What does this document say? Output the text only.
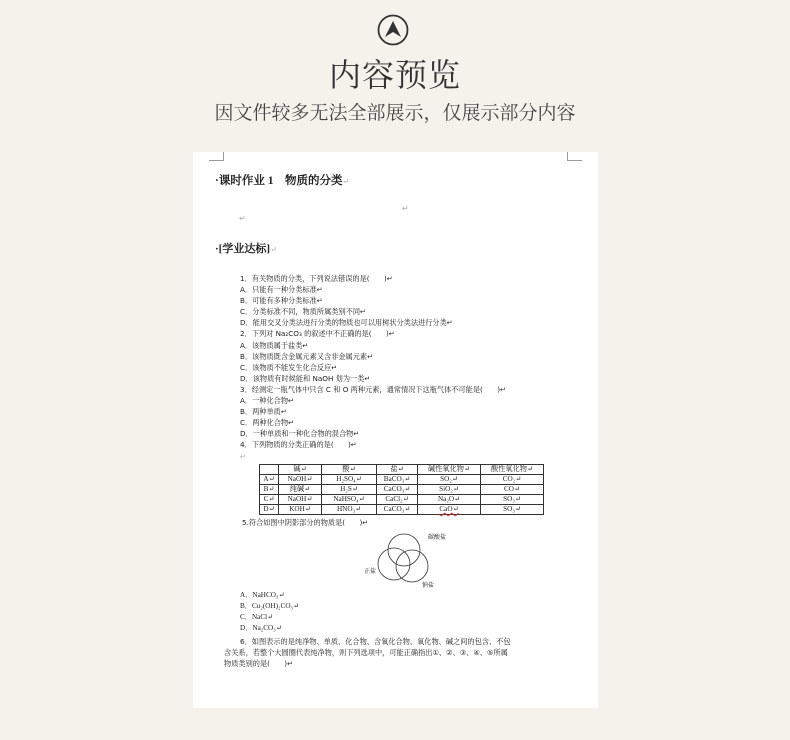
内容预览
因文件较多无法全部展示，仅展示部分内容
·课时作业 1　物质的分类↵
↵
↵
·[学业达标]↵
1．有关物质的分类，下列说法错误的是(　　)↵
A．只能有一种分类标准↵
B．可能有多种分类标准↵
C．分类标准不同，物质所属类别不同↵
D．能用交叉分类法进行分类的物质也可以用树状分类法进行分类↵
2．下列对 Na₂CO₃ 的叙述中不正确的是(　　)↵
A．该物质属于盐类↵
B．该物质既含金属元素又含非金属元素↵
C．该物质不能发生化合反应↵
D．该物质有时候能和 NaOH 划为一类↵
3．经测定一瓶气体中只含 C 和 O 两种元素，通常情况下这瓶气体不可能是(　　)↵
A．一种化合物↵
B．两种单质↵
C．两种化合物↵
D．一种单质和一种化合物的混合物↵
4．下列物质的分类正确的是(　　)↵
↵
	碱↵	酸↵	盐↵	碱性氧化物↵	酸性氧化物↵
A↵	NaOH↵	H₂SO₄↵	BaCO₃↵	SO₂↵	CO₂↵
B↵	纯碱↵	H₂S↵	CaCO₃↵	SiO₂↵	CO↵
C↵	NaOH↵	NaHSO₄↵	CaCl₂↵	Na₂O↵	SO₃↵
D↵	KOH↵	HNO₃↵	CaCO₃↵	CaO↵	SO₃↵
5.符合如图中阴影部分的物质是(　　)↵
碳酸盐
正盐
钠盐
A．NaHCO₃↵
B．Cu₂(OH)₂CO₃↵
C．NaCl↵
D．Na₂CO₃↵
6．如图表示的是纯净物、单质、化合物、含氧化合物、氧化物、碱之间的包含、不包
含关系，若整个大圆圈代表纯净物，则下列选项中，可能正确指出①、②、③、④、⑤所属
物质类别的是(　　)↵
